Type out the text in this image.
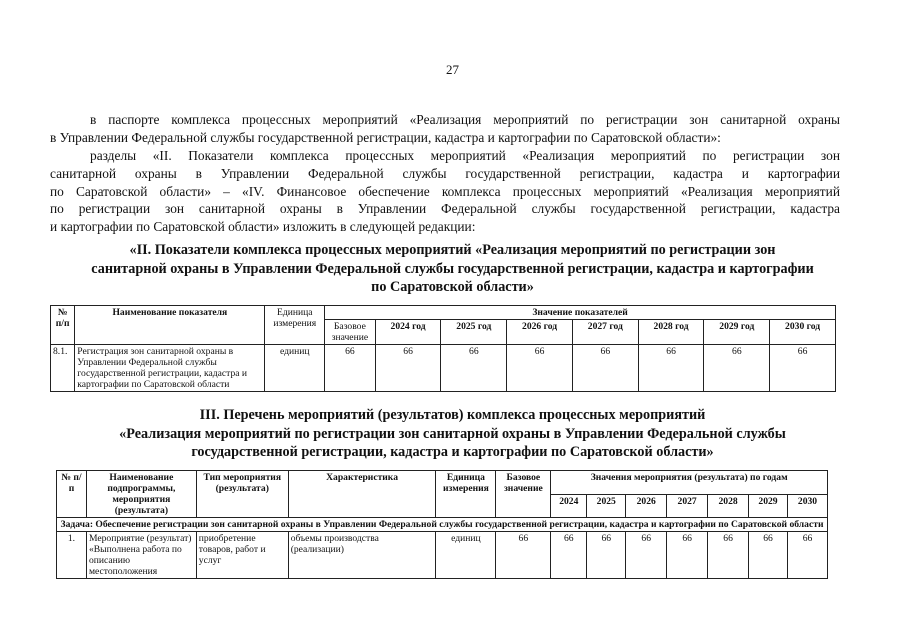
27
в паспорте комплекса процессных мероприятий «Реализация мероприятий по регистрации зон санитарной охраны
в Управлении Федеральной службы государственной регистрации, кадастра и картографии по Саратовской области»:
разделы «II. Показатели комплекса процессных мероприятий «Реализация мероприятий по регистрации зон
санитарной охраны в Управлении Федеральной службы государственной регистрации, кадастра и картографии
по Саратовской области» – «IV. Финансовое обеспечение комплекса процессных мероприятий «Реализация мероприятий
по регистрации зон санитарной охраны в Управлении Федеральной службы государственной регистрации, кадастра
и картографии по Саратовской области» изложить в следующей редакции:
«II. Показатели комплекса процессных мероприятий «Реализация мероприятий по регистрации зон
санитарной охраны в Управлении Федеральной службы государственной регистрации, кадастра и картографии
по Саратовской области»
№ п/п	Наименование показателя	Единица измерения	Значение показателей							
			Базовое значение	2024 год	2025 год	2026 год	2027 год	2028 год	2029 год	2030 год
8.1.	Регистрация зон санитарной охраны в Управлении Федеральной службы государственной регистрации, кадастра и картографии по Саратовской области	единиц	66	66	66	66	66	66	66	66
III. Перечень мероприятий (результатов) комплекса процессных мероприятий
«Реализация мероприятий по регистрации зон санитарной охраны в Управлении Федеральной службы
государственной регистрации, кадастра и картографии по Саратовской области»
№ п/п	Наименование подпрограммы, мероприятия (результата)	Тип мероприятия (результата)	Характеристика	Единица измерения	Базовое значение	Значения мероприятия (результата) по годам						
						2024	2025	2026	2027	2028	2029	2030
Задача: Обеспечение регистрации зон санитарной охраны в Управлении Федеральной службы государственной регистрации, кадастра и картографии по Саратовской области												
1.	Мероприятие (результат) «Выполнена работа по описанию местоположения	приобретение товаров, работ и услуг	объемы производства (реализации)	единиц	66	66	66	66	66	66	66	66
